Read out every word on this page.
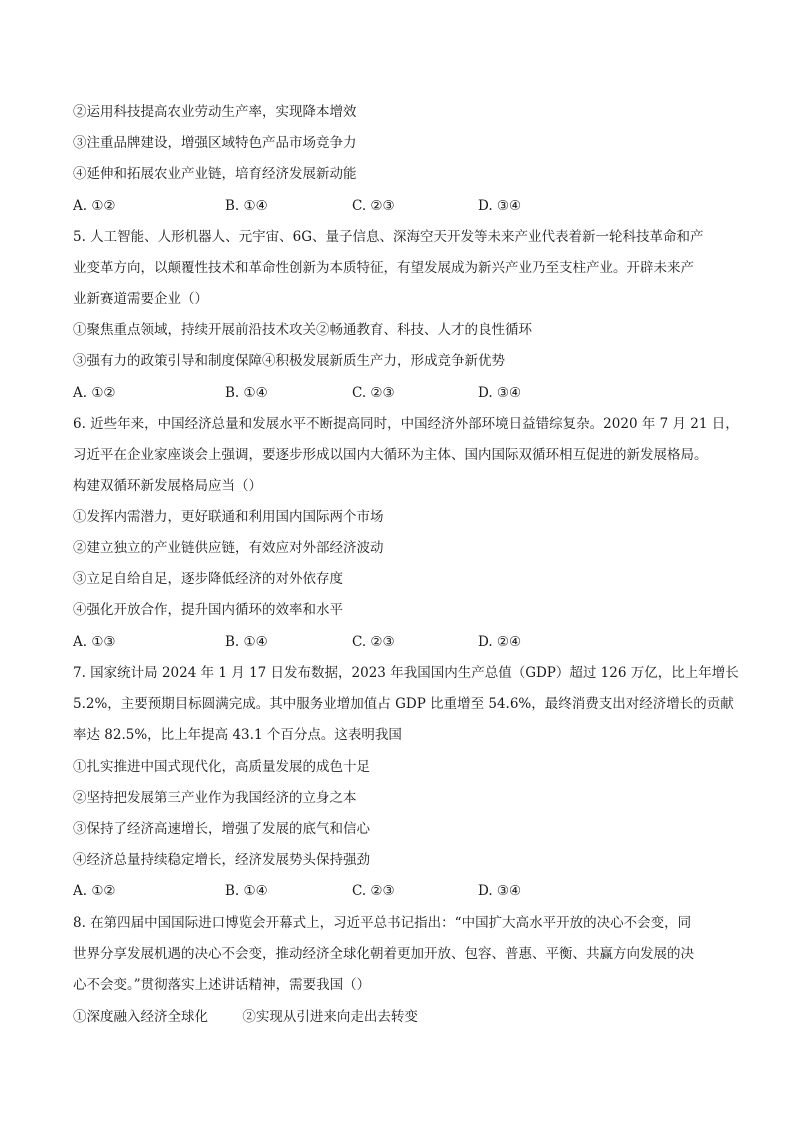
②运用科技提高农业劳动生产率，实现降本增效
③注重品牌建设，增强区域特色产品市场竞争力
④延伸和拓展农业产业链，培育经济发展新动能
A. ①②	B. ①④	C. ②③	D. ③④
5. 人工智能、人形机器人、元宇宙、6G、量子信息、深海空天开发等未来产业代表着新一轮科技革命和产
业变革方向，以颠覆性技术和革命性创新为本质特征，有望发展成为新兴产业乃至支柱产业。开辟未来产
业新赛道需要企业（）
①聚焦重点领域，持续开展前沿技术攻关②畅通教育、科技、人才的良性循环
③强有力的政策引导和制度保障④积极发展新质生产力，形成竞争新优势
A. ①②	B. ①④	C. ②③	D. ③④
6. 近些年来，中国经济总量和发展水平不断提高同时，中国经济外部环境日益错综复杂。2020 年 7 月 21 日，
习近平在企业家座谈会上强调，要逐步形成以国内大循环为主体、国内国际双循环相互促进的新发展格局。
构建双循环新发展格局应当（）
①发挥内需潜力，更好联通和利用国内国际两个市场
②建立独立的产业链供应链，有效应对外部经济波动
③立足自给自足，逐步降低经济的对外依存度
④强化开放合作，提升国内循环的效率和水平
A. ①③	B. ①④	C. ②③	D. ②④
7. 国家统计局 2024 年 1 月 17 日发布数据，2023 年我国国内生产总值（GDP）超过 126 万亿，比上年增长
5.2%，主要预期目标圆满完成。其中服务业增加值占 GDP 比重增至 54.6%，最终消费支出对经济增长的贡献
率达 82.5%，比上年提高 43.1 个百分点。这表明我国
①扎实推进中国式现代化，高质量发展的成色十足
②坚持把发展第三产业作为我国经济的立身之本
③保持了经济高速增长，增强了发展的底气和信心
④经济总量持续稳定增长，经济发展势头保持强劲
A. ①②	B. ①④	C. ②③	D. ③④
8. 在第四届中国国际进口博览会开幕式上，习近平总书记指出：“中国扩大高水平开放的决心不会变，同
世界分享发展机遇的决心不会变，推动经济全球化朝着更加开放、包容、普惠、平衡、共赢方向发展的决
心不会变。”贯彻落实上述讲话精神，需要我国（）
①深度融入经济全球化        ②实现从引进来向走出去转变
